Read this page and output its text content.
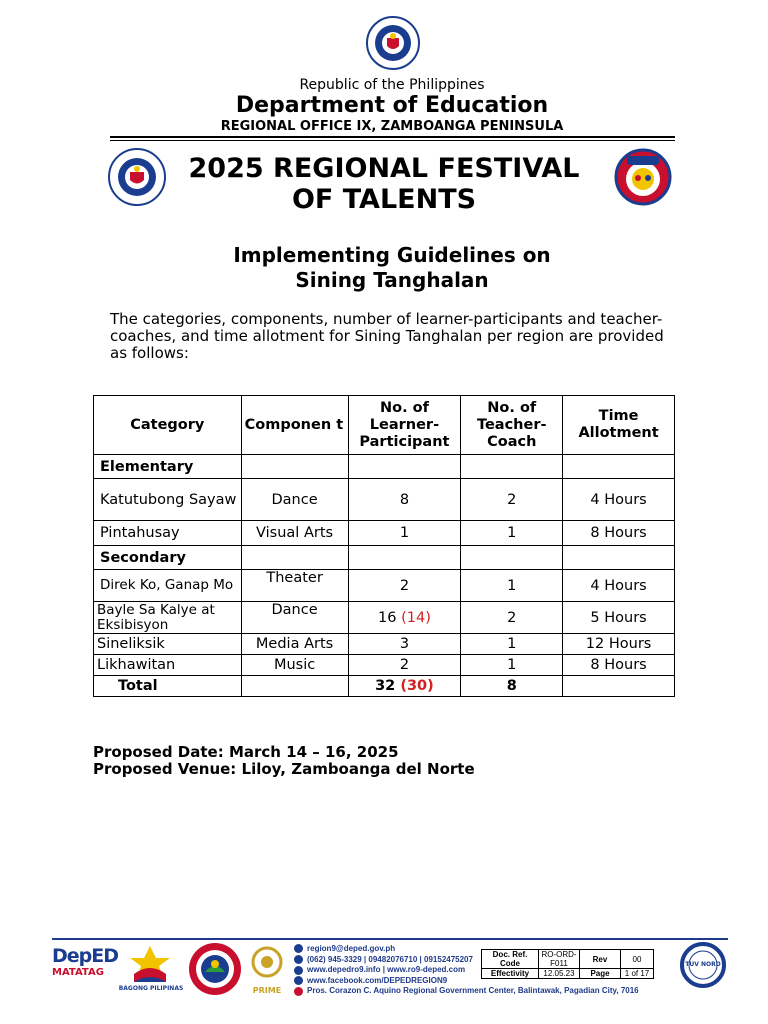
Republic of the Philippines
Department of Education
REGIONAL OFFICE IX, ZAMBOANGA PENINSULA
2025 REGIONAL FESTIVAL
OF TALENTS
Implementing Guidelines on
Sining Tanghalan
The categories, components, number of learner-participants and teacher-coaches, and time allotment for Sining Tanghalan per region are provided as follows:
Category	Componen t	No. of Learner- Participant	No. of Teacher- Coach	Time Allotment
Elementary				
Katutubong Sayaw	Dance	8	2	4 Hours
Pintahusay	Visual Arts	1	1	8 Hours
Secondary				
Direk Ko, Ganap Mo	Theater	2	1	4 Hours
Bayle Sa Kalye at Eksibisyon	Dance	16 (14)	2	5 Hours
Sineliksik	Media Arts	3	1	12 Hours
Likhawitan	Music	2	1	8 Hours
Total		32 (30)	8	
Proposed Date: March 14 – 16, 2025
Proposed Venue: Liloy, Zamboanga del Norte
DepED
MATATAG
BAGONG PILIPINAS	PRIME
region9@deped.gov.ph
(062) 945-3329 | 09482076710 | 09152475207
www.depedro9.info | www.ro9-deped.com
www.facebook.com/DEPEDREGION9
Pros. Corazon C. Aquino Regional Government Center, Balintawak, Pagadian City, 7016
Doc. Ref. Code	RO-ORD-F011	Rev	00
Effectivity	12.05.23	Page	1 of 17
TUV NORD
